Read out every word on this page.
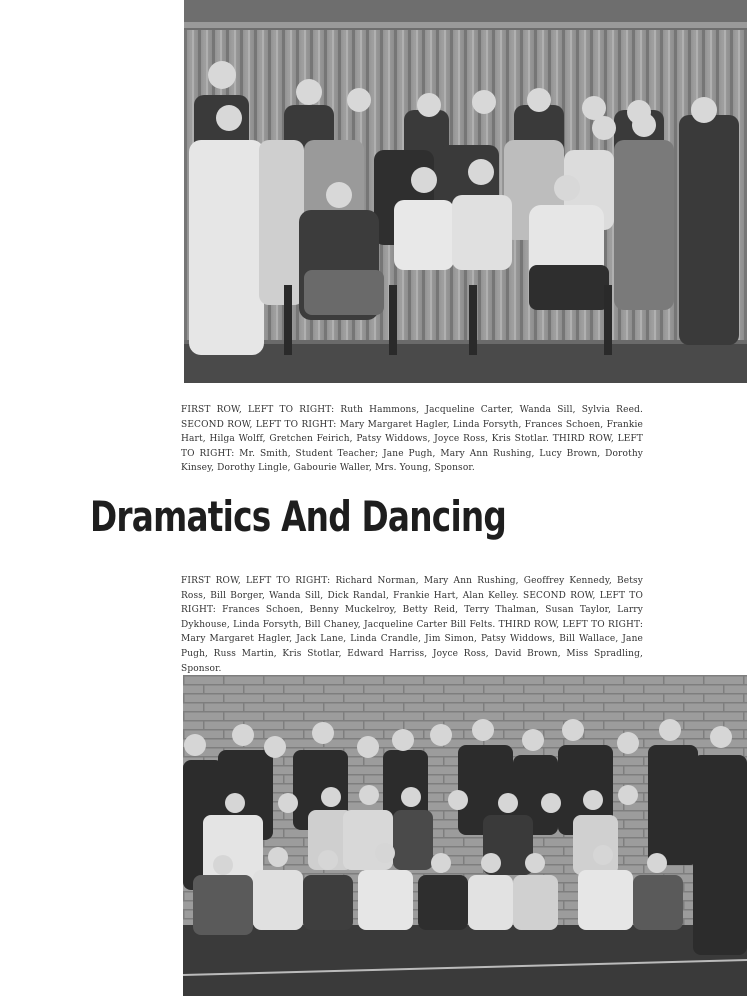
FIRST ROW, LEFT TO RIGHT: Ruth Hammons, Jacqueline Carter, Wanda Sill, Sylvia Reed. SECOND ROW, LEFT TO RIGHT: Mary Margaret Hagler, Linda Forsyth, Frances Schoen, Frankie Hart, Hilga Wolff, Gretchen Feirich, Patsy Widdows, Joyce Ross, Kris Stotlar. THIRD ROW, LEFT TO RIGHT: Mr. Smith, Student Teacher; Jane Pugh, Mary Ann Rushing, Lucy Brown, Dorothy Kinsey, Dorothy Lingle, Gabourie Waller, Mrs. Young, Sponsor.

Dramatics And Dancing

FIRST ROW, LEFT TO RIGHT: Richard Norman, Mary Ann Rushing, Geoffrey Kennedy, Betsy Ross, Bill Borger, Wanda Sill, Dick Randal, Frankie Hart, Alan Kelley. SECOND ROW, LEFT TO RIGHT: Frances Schoen, Benny Muckelroy, Betty Reid, Terry Thalman, Susan Taylor, Larry Dykhouse, Linda Forsyth, Bill Chaney, Jacqueline Carter Bill Felts. THIRD ROW, LEFT TO RIGHT: Mary Margaret Hagler, Jack Lane, Linda Crandle, Jim Simon, Patsy Widdows, Bill Wallace, Jane Pugh, Russ Martin, Kris Stotlar, Edward Harriss, Joyce Ross, David Brown, Miss Spradling, Sponsor.
